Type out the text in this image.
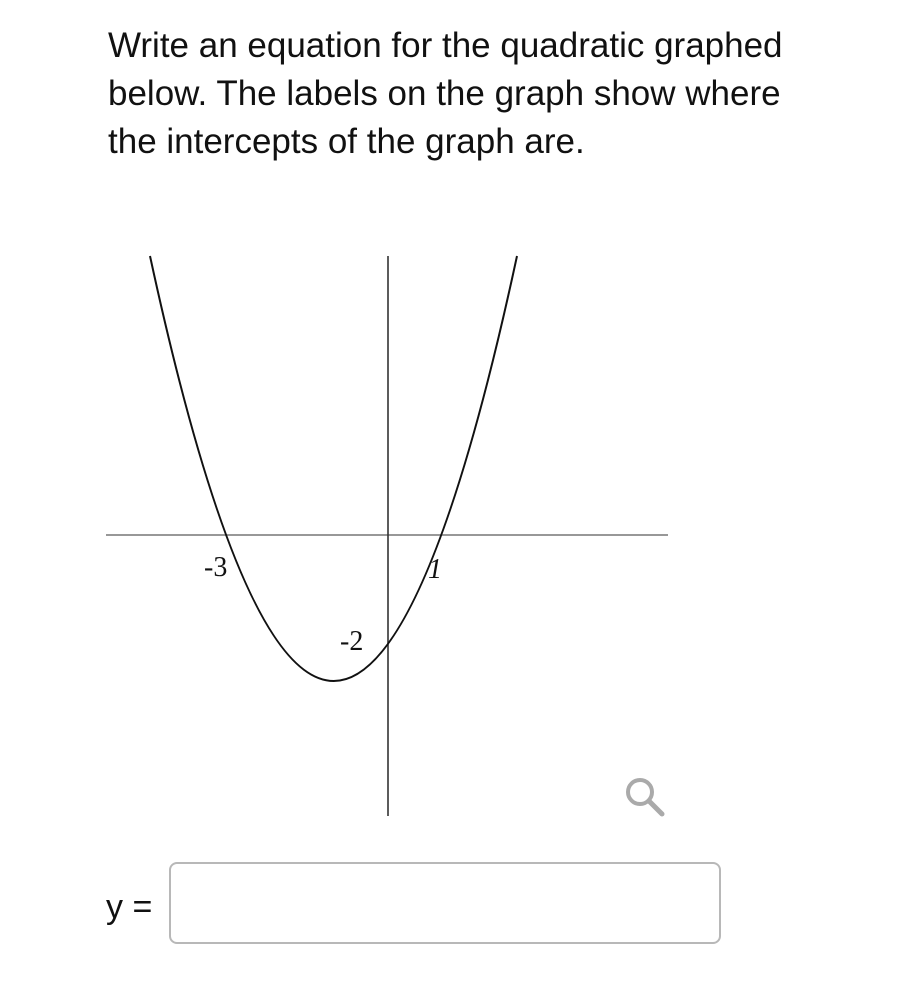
Write an equation for the quadratic graphed
below. The labels on the graph show where
the intercepts of the graph are.
-3	1
-2
y =
